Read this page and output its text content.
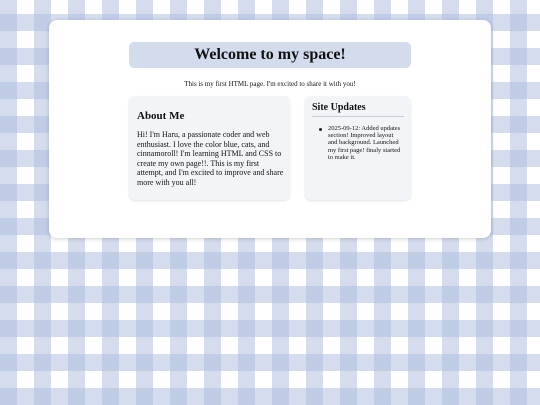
Welcome to my space!
This is my first HTML page. I'm excited to share it with you!
About Me

Hi! I'm Haru, a passionate coder and web enthusiast. I love the color blue, cats, and cinnamoroll! I'm learning HTML and CSS to create my own page!!. This is my first attempt, and I'm excited to improve and share more with you all!

Site Updates
2025-09-12: Added updates section! Improved layout and background. Launched my first page! finaly started to make it.
